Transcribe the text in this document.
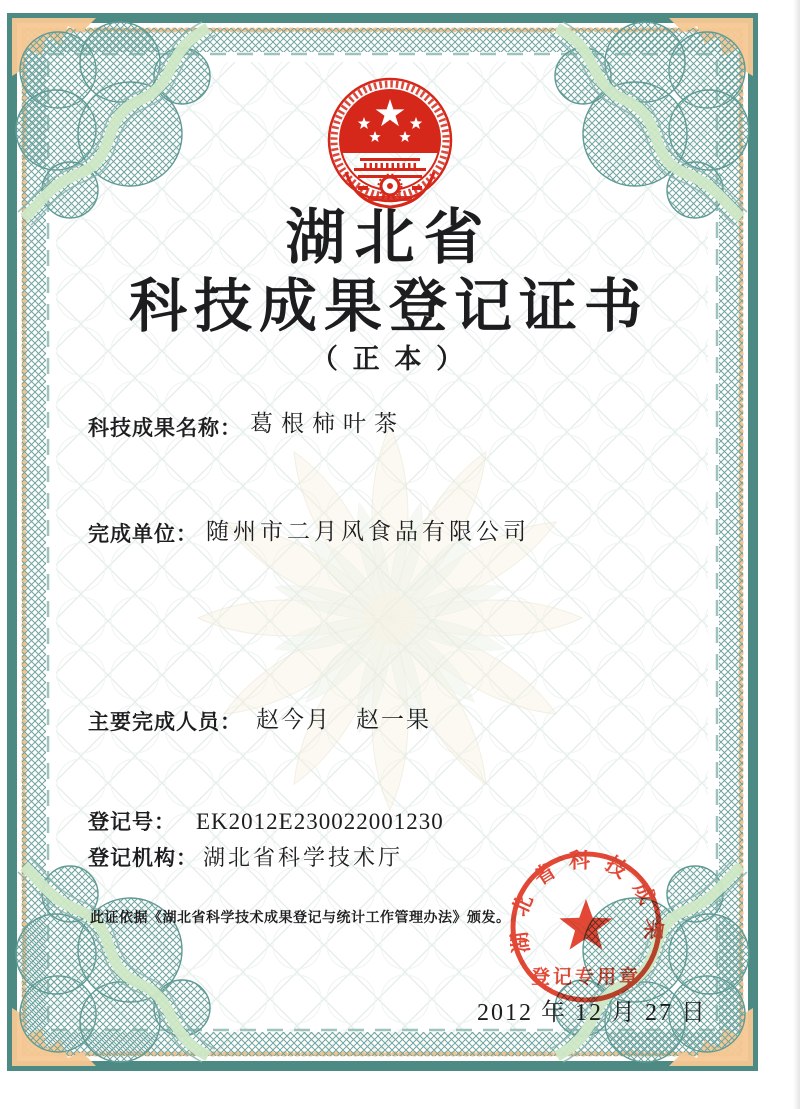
湖北省
科技成果登记证书
（ 正 本 ）
科技成果名称： 葛根柿叶茶
完成单位： 随州市二月风食品有限公司
主要完成人员： 赵今月　赵一果
登记号： EK2012E230022001230
登记机构： 湖北省科学技术厅
此证依据《湖北省科学技术成果登记与统计工作管理办法》颁发。
2012 年 12 月 27 日
湖北省科技成果
登记专用章
